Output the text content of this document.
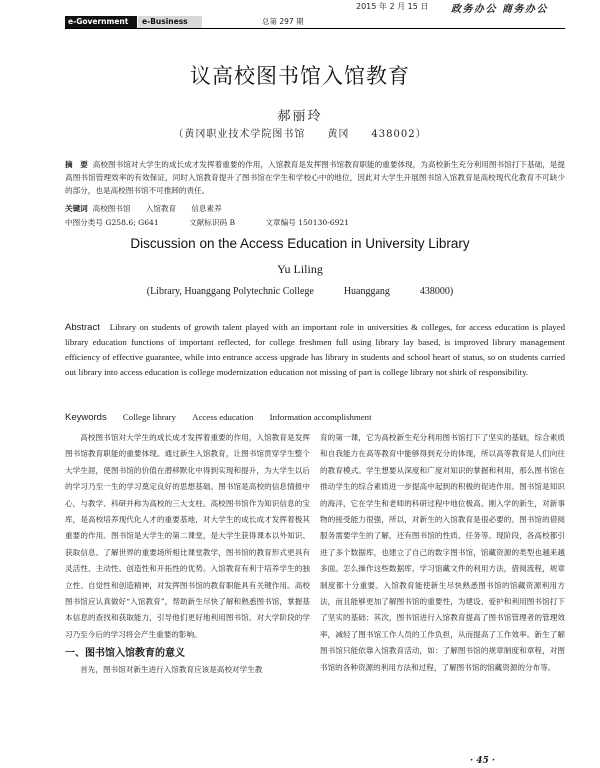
2015 年 2 月 15 日	政务办公 商务办公
e-Government	e-Business	总第 297 期
议高校图书馆入馆教育
郝丽玲
（黄冈职业技术学院图书馆　　黄冈　　438002）
摘　要 高校图书馆对大学生的成长成才发挥着重要的作用，入馆教育是发挥图书馆教育职能的重要体现，为高校新生充分利用图书馆打下基础，是提高图书馆管理效率的有效保证，同时入馆教育提升了图书馆在学生和学校心中的地位，因此对大学生开展图书馆入馆教育是高校现代化教育不可缺少的部分，也是高校图书馆不可推卸的责任。
关键词 高校图书馆　　入馆教育　　信息素养
中图分类号 G258.6; G641　　　　文献标识码 B　　　　文章编号 150130-6921
Discussion on the Access Education in University Library
Yu Liling
(Library, Huanggang Polytechnic College　　　Huanggang　　　438000)
Abstract Library on students of growth talent played with an important role in universities & colleges, for access education is played library education functions of important reflected, for college freshmen full using library lay based, is improved library management efficiency of effective guarantee, while into entrance access upgrade has library in students and school heart of status, so on students carried out library into access education is college modernization education not missing of part is college library not shirk of responsibility.
Keywords College library Access education Information accomplishment

高校图书馆对大学生的成长成才发挥着重要的作用，入馆教育是发挥图书馆教育职能的重要体现。通过新生入馆教育，让图书馆贯穿学生整个大学生涯，使图书馆的价值在潜移默化中得到实现和提升，为大学生以后的学习乃至一生的学习奠定良好的思想基础。图书馆是高校的信息情报中心，与教学、科研并称为高校的三大支柱。高校图书馆作为知识信息的宝库，是高校培养现代化人才的重要基地，对大学生的成长成才发挥着极其重要的作用。图书馆是大学生的第二课堂，是大学生获得课本以外知识、获取信息、了解世界的重要场所相比课堂教学，图书馆的教育形式更具有灵活性、主动性、创造性和开拓性的优势。入馆教育有利于培养学生的独立性、自觉性和创造精神，对发挥图书馆的教育职能具有关键作用。高校图书馆应认真做好“入馆教育”，帮助新生尽快了解和熟悉图书馆，掌握基本信息的查找和获取能力，引导他们更好地利用图书馆。对大学阶段的学习乃至今后的学习将会产生重要的影响。

一、图书馆入馆教育的意义

首先，图书馆对新生进行入馆教育应该是高校对学生教

育的第一课，它为高校新生充分利用图书馆打下了坚实的基础，综合素质和自我能力在高等教育中能够得到充分的体现，所以高等教育是人们向往的教育模式。学生想要从深度和广度对知识的掌握和利用，那么图书馆在推动学生的综合素质进一步提高中起到的积极的促进作用。图书馆是知识的海洋，它在学生和老师的科研过程中地位极高。刚入学的新生，对新事物的接受能力很强，所以，对新生的入馆教育是很必要的。图书馆的借阅服务需要学生的了解，还有图书馆的性质、任务等。现阶段，各高校都引进了多个数据库，也建立了自己的数字图书馆，馆藏资源的类型也越来越多面。怎么操作这些数据库，学习馆藏文件的利用方法，借阅流程，规章制度都十分重要。入馆教育能使新生尽快熟悉图书馆的馆藏资源利用方法，而且能够更加了解图书馆的重要性，为建设、爱护和利用图书馆打下了坚实的基础；其次，图书馆进行入馆教育提高了图书馆管理者的管理效率，减轻了图书馆工作人员的工作负担，从而提高了工作效率。新生了解图书馆只能依靠入馆教育活动，如：了解图书馆的规章制度和章程，对图书馆的各种资源的利用方法和过程，了解图书馆的馆藏资源的分布等。

· 45 ·
